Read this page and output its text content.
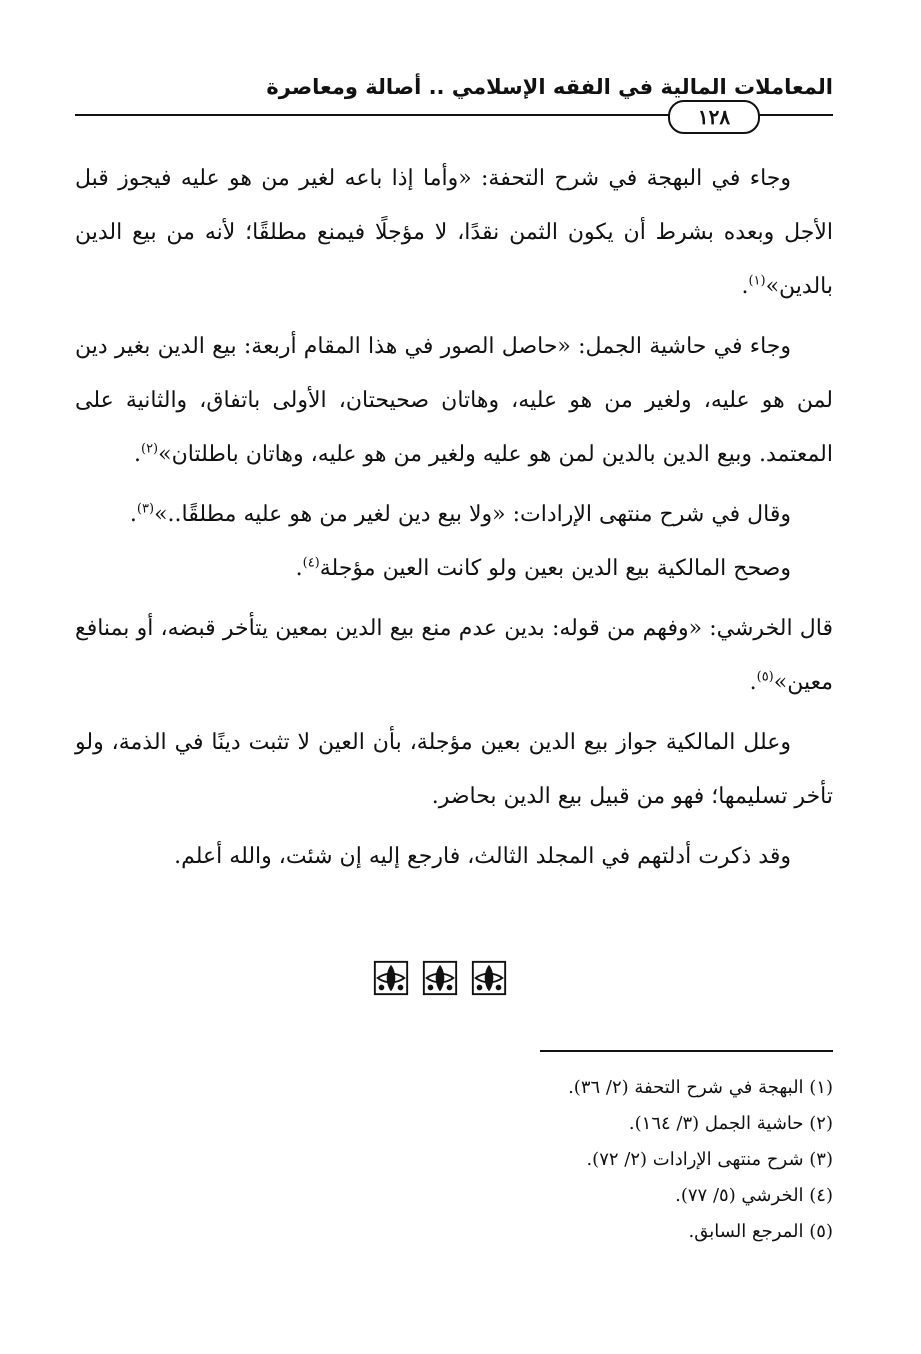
المعاملات المالية في الفقه الإسلامي .. أصالة ومعاصرة
١٢٨

وجاء في البهجة في شرح التحفة: «وأما إذا باعه لغير من هو عليه فيجوز قبل الأجل وبعده بشرط أن يكون الثمن نقدًا، لا مؤجلًا فيمنع مطلقًا؛ لأنه من بيع الدين بالدين»$^{(١)}$.

وجاء في حاشية الجمل: «حاصل الصور في هذا المقام أربعة: بيع الدين بغير دين لمن هو عليه، ولغير من هو عليه، وهاتان صحيحتان، الأولى باتفاق، والثانية على المعتمد. وبيع الدين بالدين لمن هو عليه ولغير من هو عليه، وهاتان باطلتان»$^{(٢)}$.

وقال في شرح منتهى الإرادات: «ولا بيع دين لغير من هو عليه مطلقًا..»$^{(٣)}$.

وصحح المالكية بيع الدين بعين ولو كانت العين مؤجلة$^{(٤)}$.

قال الخرشي: «وفهم من قوله: بدين عدم منع بيع الدين بمعين يتأخر قبضه، أو بمنافع معين»$^{(٥)}$.

وعلل المالكية جواز بيع الدين بعين مؤجلة، بأن العين لا تثبت دينًا في الذمة، ولو تأخر تسليمها؛ فهو من قبيل بيع الدين بحاضر.

وقد ذكرت أدلتهم في المجلد الثالث، فارجع إليه إن شئت، والله أعلم.

(١) البهجة في شرح التحفة (٢/ ٣٦).

(٢) حاشية الجمل (٣/ ١٦٤).

(٣) شرح منتهى الإرادات (٢/ ٧٢).

(٤) الخرشي (٥/ ٧٧).

(٥) المرجع السابق.
